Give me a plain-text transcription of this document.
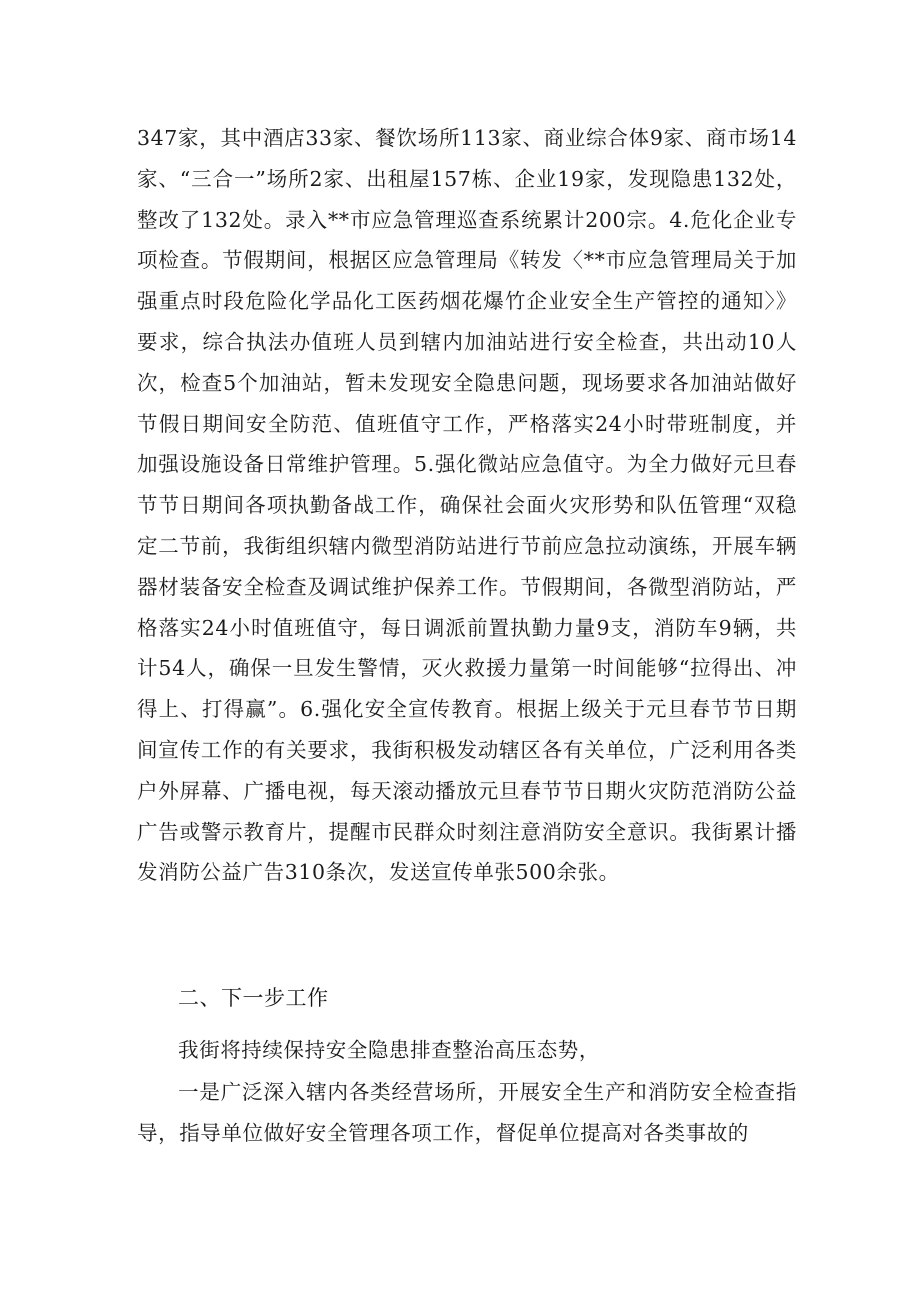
347家，其中酒店33家、餐饮场所113家、商业综合体9家、商市场14家、“三合一”场所2家、出租屋157栋、企业19家，发现隐患132处，整改了132处。录入**市应急管理巡查系统累计200宗。4.危化企业专项检查。节假期间，根据区应急管理局《转发〈**市应急管理局关于加强重点时段危险化学品化工医药烟花爆竹企业安全生产管控的通知〉》要求，综合执法办值班人员到辖内加油站进行安全检查，共出动10人次，检查5个加油站，暂未发现安全隐患问题，现场要求各加油站做好节假日期间安全防范、值班值守工作，严格落实24小时带班制度，并加强设施设备日常维护管理。5.强化微站应急值守。为全力做好元旦春节节日期间各项执勤备战工作，确保社会面火灾形势和队伍管理“双稳定二节前，我街组织辖内微型消防站进行节前应急拉动演练，开展车辆器材装备安全检查及调试维护保养工作。节假期间，各微型消防站，严格落实24小时值班值守，每日调派前置执勤力量9支，消防车9辆，共计54人，确保一旦发生警情，灭火救援力量第一时间能够“拉得出、冲得上、打得赢”。6.强化安全宣传教育。根据上级关于元旦春节节日期间宣传工作的有关要求，我街积极发动辖区各有关单位，广泛利用各类户外屏幕、广播电视，每天滚动播放元旦春节节日期火灾防范消防公益广告或警示教育片，提醒市民群众时刻注意消防安全意识。我街累计播发消防公益广告310条次，发送宣传单张500余张。

二、下一步工作

我街将持续保持安全隐患排查整治高压态势，

一是广泛深入辖内各类经营场所，开展安全生产和消防安全检查指导，指导单位做好安全管理各项工作，督促单位提高对各类事故的
